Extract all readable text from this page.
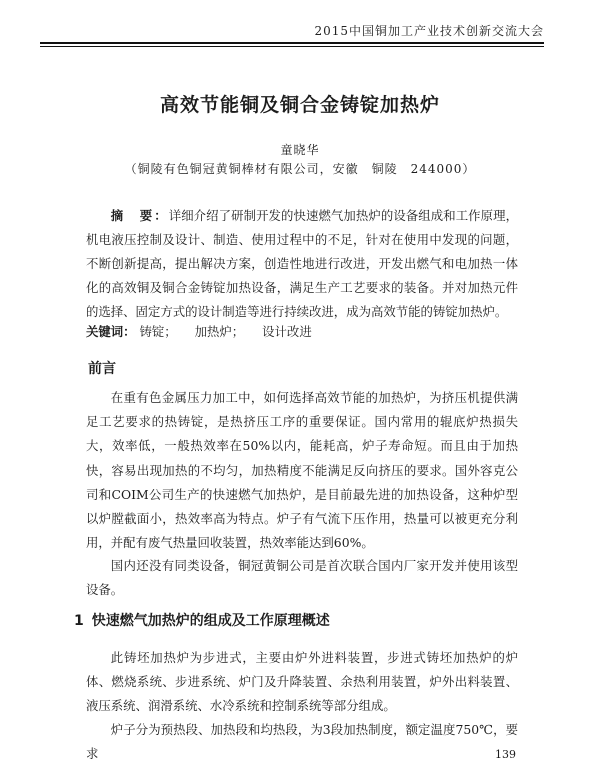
2015中国铜加工产业技术创新交流大会
高效节能铜及铜合金铸锭加热炉
童晓华
（铜陵有色铜冠黄铜棒材有限公司，安徽　铜陵　244000）
摘　要：详细介绍了研制开发的快速燃气加热炉的设备组成和工作原理，机电液压控制及设计、制造、使用过程中的不足，针对在使用中发现的问题，不断创新提高，提出解决方案，创造性地进行改进，开发出燃气和电加热一体化的高效铜及铜合金铸锭加热设备，满足生产工艺要求的装备。并对加热元件的选择、固定方式的设计制造等进行持续改进，成为高效节能的铸锭加热炉。
关键词： 铸锭； 加热炉； 设计改进
前言
在重有色金属压力加工中，如何选择高效节能的加热炉，为挤压机提供满足工艺要求的热铸锭，是热挤压工序的重要保证。国内常用的辊底炉热损失大，效率低，一般热效率在50%以内，能耗高，炉子寿命短。而且由于加热快，容易出现加热的不均匀，加热精度不能满足反向挤压的要求。国外容克公司和COIM公司生产的快速燃气加热炉，是目前最先进的加热设备，这种炉型以炉膛截面小，热效率高为特点。炉子有气流下压作用，热量可以被更充分利用，并配有废气热量回收装置，热效率能达到60%。
国内还没有同类设备，铜冠黄铜公司是首次联合国内厂家开发并使用该型设备。
1 快速燃气加热炉的组成及工作原理概述
此铸坯加热炉为步进式，主要由炉外进料装置，步进式铸坯加热炉的炉体、燃烧系统、步进系统、炉门及升降装置、余热利用装置，炉外出料装置、液压系统、润滑系统、水冷系统和控制系统等部分组成。
炉子分为预热段、加热段和均热段，为3段加热制度，额定温度750℃，要求	139
